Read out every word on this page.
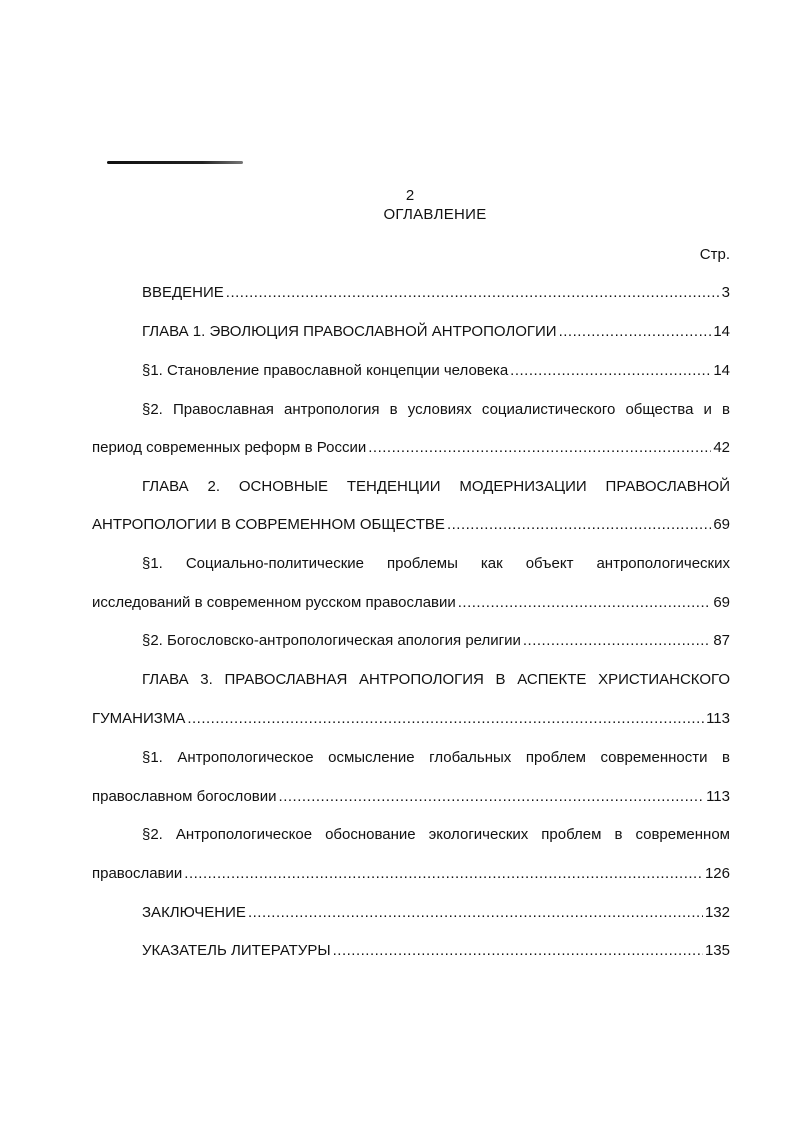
2
ОГЛАВЛЕНИЕ
Стр.
ВВЕДЕНИЕ .....	3
ГЛАВА 1. ЭВОЛЮЦИЯ ПРАВОСЛАВНОЙ АНТРОПОЛОГИИ .....	14
§1. Становление православной концепции человека .....	14
§2. Православная антропология в условиях социалистического общества и в
период современных реформ в России .....	42
ГЛАВА 2. ОСНОВНЫЕ ТЕНДЕНЦИИ МОДЕРНИЗАЦИИ ПРАВОСЛАВНОЙ
АНТРОПОЛОГИИ В СОВРЕМЕННОМ ОБЩЕСТВЕ .....	69
§1. Социально-политические проблемы как объект антропологических
исследований в современном русском православии .....	69
§2. Богословско-антропологическая апология религии .....	87
ГЛАВА 3. ПРАВОСЛАВНАЯ АНТРОПОЛОГИЯ В АСПЕКТЕ ХРИСТИАНСКОГО
ГУМАНИЗМА .....	113
§1. Антропологическое осмысление глобальных проблем современности в
православном богословии .....	113
§2. Антропологическое обоснование экологических проблем в современном
православии .....	126
ЗАКЛЮЧЕНИЕ .....	132
УКАЗАТЕЛЬ ЛИТЕРАТУРЫ .....	135
